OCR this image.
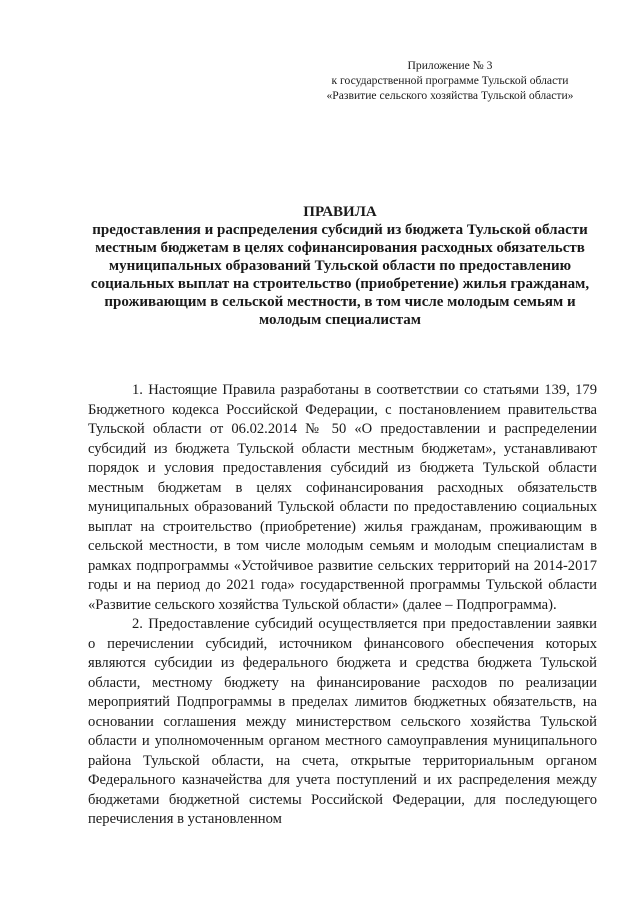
Приложение № 3
к государственной программе Тульской области
«Развитие сельского хозяйства Тульской области»
ПРАВИЛА
предоставления и распределения субсидий из бюджета Тульской области местным бюджетам в целях софинансирования расходных обязательств муниципальных образований Тульской области по предоставлению социальных выплат на строительство (приобретение) жилья гражданам, проживающим в сельской местности, в том числе молодым семьям и молодым специалистам

1. Настоящие Правила разработаны в соответствии со статьями 139, 179 Бюджетного кодекса Российской Федерации, с постановлением правительства Тульской области от 06.02.2014 № 50 «О предоставлении и распределении субсидий из бюджета Тульской области местным бюджетам», устанавливают порядок и условия предоставления субсидий из бюджета Тульской области местным бюджетам в целях софинансирования расходных обязательств муниципальных образований Тульской области по предоставлению социальных выплат на строительство (приобретение) жилья гражданам, проживающим в сельской местности, в том числе молодым семьям и молодым специалистам в рамках подпрограммы «Устойчивое развитие сельских территорий на 2014-2017 годы и на период до 2021 года» государственной программы Тульской области «Развитие сельского хозяйства Тульской области» (далее – Подпрограмма).

2. Предоставление субсидий осуществляется при предоставлении заявки о перечислении субсидий, источником финансового обеспечения которых являются субсидии из федерального бюджета и средства бюджета Тульской области, местному бюджету на финансирование расходов по реализации мероприятий Подпрограммы в пределах лимитов бюджетных обязательств, на основании соглашения между министерством сельского хозяйства Тульской области и уполномоченным органом местного самоуправления муниципального района Тульской области, на счета, открытые территориальным органом Федерального казначейства для учета поступлений и их распределения между бюджетами бюджетной системы Российской Федерации, для последующего перечисления в установленном
